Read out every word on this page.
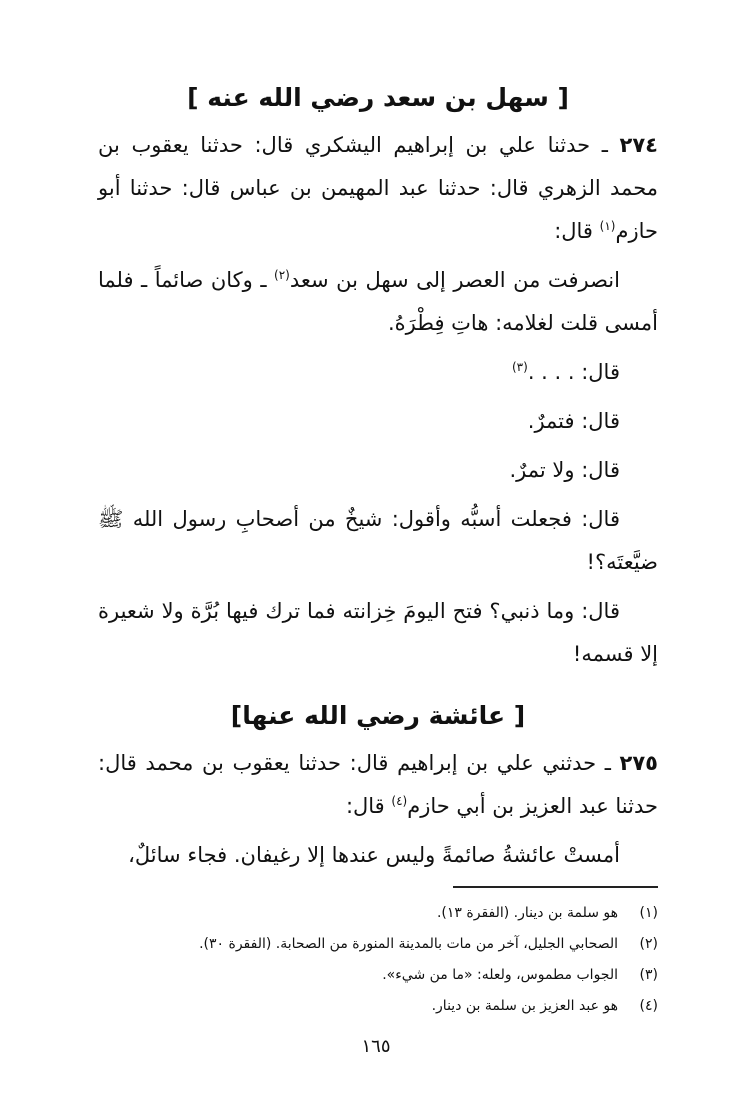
[ سهل بن سعد رضي الله عنه ]

٢٧٤ ـ حدثنا علي بن إبراهيم اليشكري قال: حدثنا يعقوب بن محمد الزهري قال: حدثنا عبد المهيمن بن عباس قال: حدثنا أبو حازم$^{(١)}$ قال:

انصرفت من العصر إلى سهل بن سعد$^{(٢)}$ ـ وكان صائماً ـ فلما أمسى قلت لغلامه: هاتِ فِطْرَهُ.

قال: . . . .$^{(٣)}$

قال: فتمرٌ.

قال: ولا تمرٌ.

قال: فجعلت أسبُّه وأقول: شيخٌ من أصحابِ رسول الله ﷺ ضيَّعتَه؟!

قال: وما ذنبي؟ فتح اليومَ خِزانته فما ترك فيها بُرَّة ولا شعيرة إلا قسمه!

[ عائشة رضي الله عنها]

٢٧٥ ـ حدثني علي بن إبراهيم قال: حدثنا يعقوب بن محمد قال: حدثنا عبد العزيز بن أبي حازم$^{(٤)}$ قال:

أمستْ عائشةُ صائمةً وليس عندها إلا رغيفان. فجاء سائلٌ،

(١)
هو سلمة بن دينار. (الفقرة ١٣).
(٢)
الصحابي الجليل، آخر من مات بالمدينة المنورة من الصحابة. (الفقرة ٣٠).
(٣)
الجواب مطموس، ولعله: «ما من شيء».
(٤)
هو عبد العزيز بن سلمة بن دينار.
١٦٥
